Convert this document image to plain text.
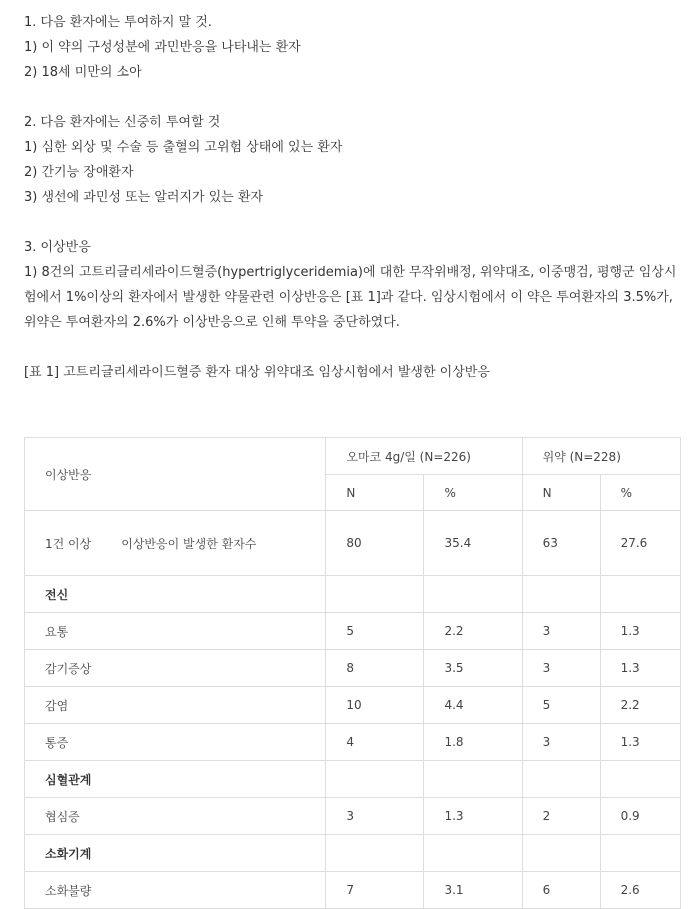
1. 다음 환자에는 투여하지 말 것.

1) 이 약의 구성성분에 과민반응을 나타내는 환자

2) 18세 미만의 소아

2. 다음 환자에는 신중히 투여할 것

1) 심한 외상 및 수술 등 출혈의 고위험 상태에 있는 환자

2) 간기능 장애환자

3) 생선에 과민성 또는 알러지가 있는 환자

3. 이상반응

1) 8건의 고트리글리세라이드혈증(hypertriglyceridemia)에 대한 무작위배정, 위약대조, 이중맹검, 평행군 임상시험에서 1%이상의 환자에서 발생한 약물관련 이상반응은 [표 1]과 같다. 임상시험에서 이 약은 투여환자의 3.5%가, 위약은 투여환자의 2.6%가 이상반응으로 인해 투약을 중단하였다.

[표 1] 고트리글리세라이드혈증 환자 대상 위약대조 임상시험에서 발생한 이상반응

이상반응	오마코 4g/일 (N=226)		위약 (N=228)	
	N	%	N	%
1건 이상 이상반응이 발생한 환자수	80	35.4	63	27.6
전신				
요통	5	2.2	3	1.3
감기증상	8	3.5	3	1.3
감염	10	4.4	5	2.2
통증	4	1.8	3	1.3
심혈관계				
협심증	3	1.3	2	0.9
소화기계				
소화불량	7	3.1	6	2.6
